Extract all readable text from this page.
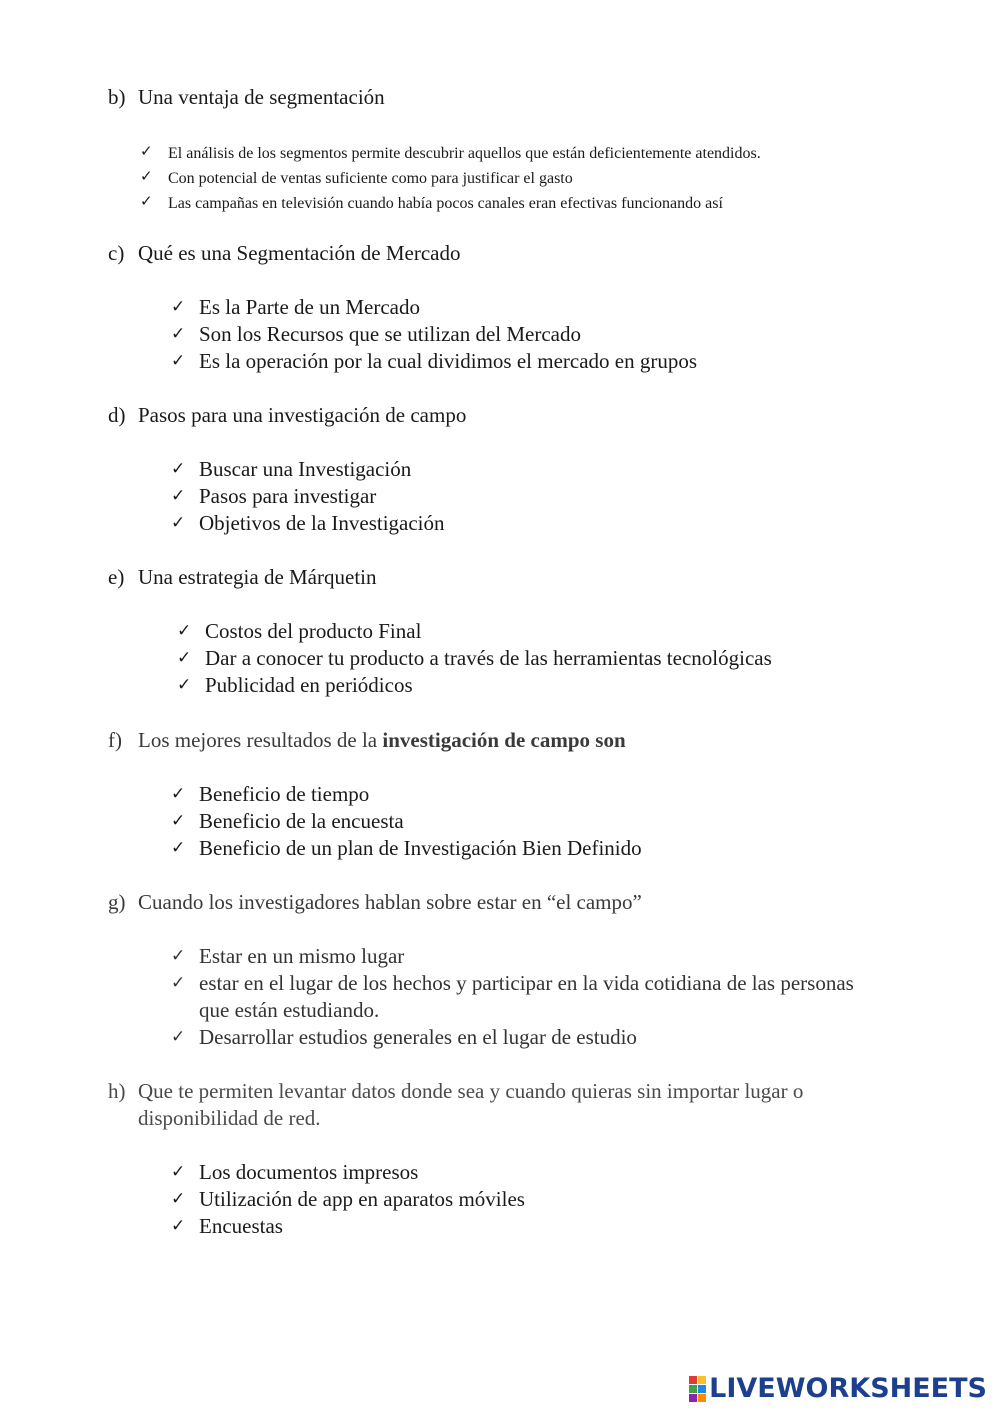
b) Una ventaja de segmentación
✓ El análisis de los segmentos permite descubrir aquellos que están deficientemente atendidos.
✓ Con potencial de ventas suficiente como para justificar el gasto
✓ Las campañas en televisión cuando había pocos canales eran efectivas funcionando así
c) Qué es una Segmentación de Mercado
✓ Es la Parte de un Mercado
✓ Son los Recursos que se utilizan del Mercado
✓ Es la operación por la cual dividimos el mercado en grupos
d) Pasos para una investigación de campo
✓ Buscar una Investigación
✓ Pasos para investigar
✓ Objetivos de la Investigación
e) Una estrategia de Márquetin
✓ Costos del producto Final
✓ Dar a conocer tu producto a través de las herramientas tecnológicas
✓ Publicidad en periódicos
f) Los mejores resultados de la investigación de campo son
✓ Beneficio de tiempo
✓ Beneficio de la encuesta
✓ Beneficio de un plan de Investigación Bien Definido
g) Cuando los investigadores hablan sobre estar en “el campo”
✓ Estar en un mismo lugar
✓ estar en el lugar de los hechos y participar en la vida cotidiana de las personas
que están estudiando.
✓ Desarrollar estudios generales en el lugar de estudio
h) Que te permiten levantar datos donde sea y cuando quieras sin importar lugar o
disponibilidad de red.
✓ Los documentos impresos
✓ Utilización de app en aparatos móviles
✓ Encuestas
LIVEWORKSHEETS
